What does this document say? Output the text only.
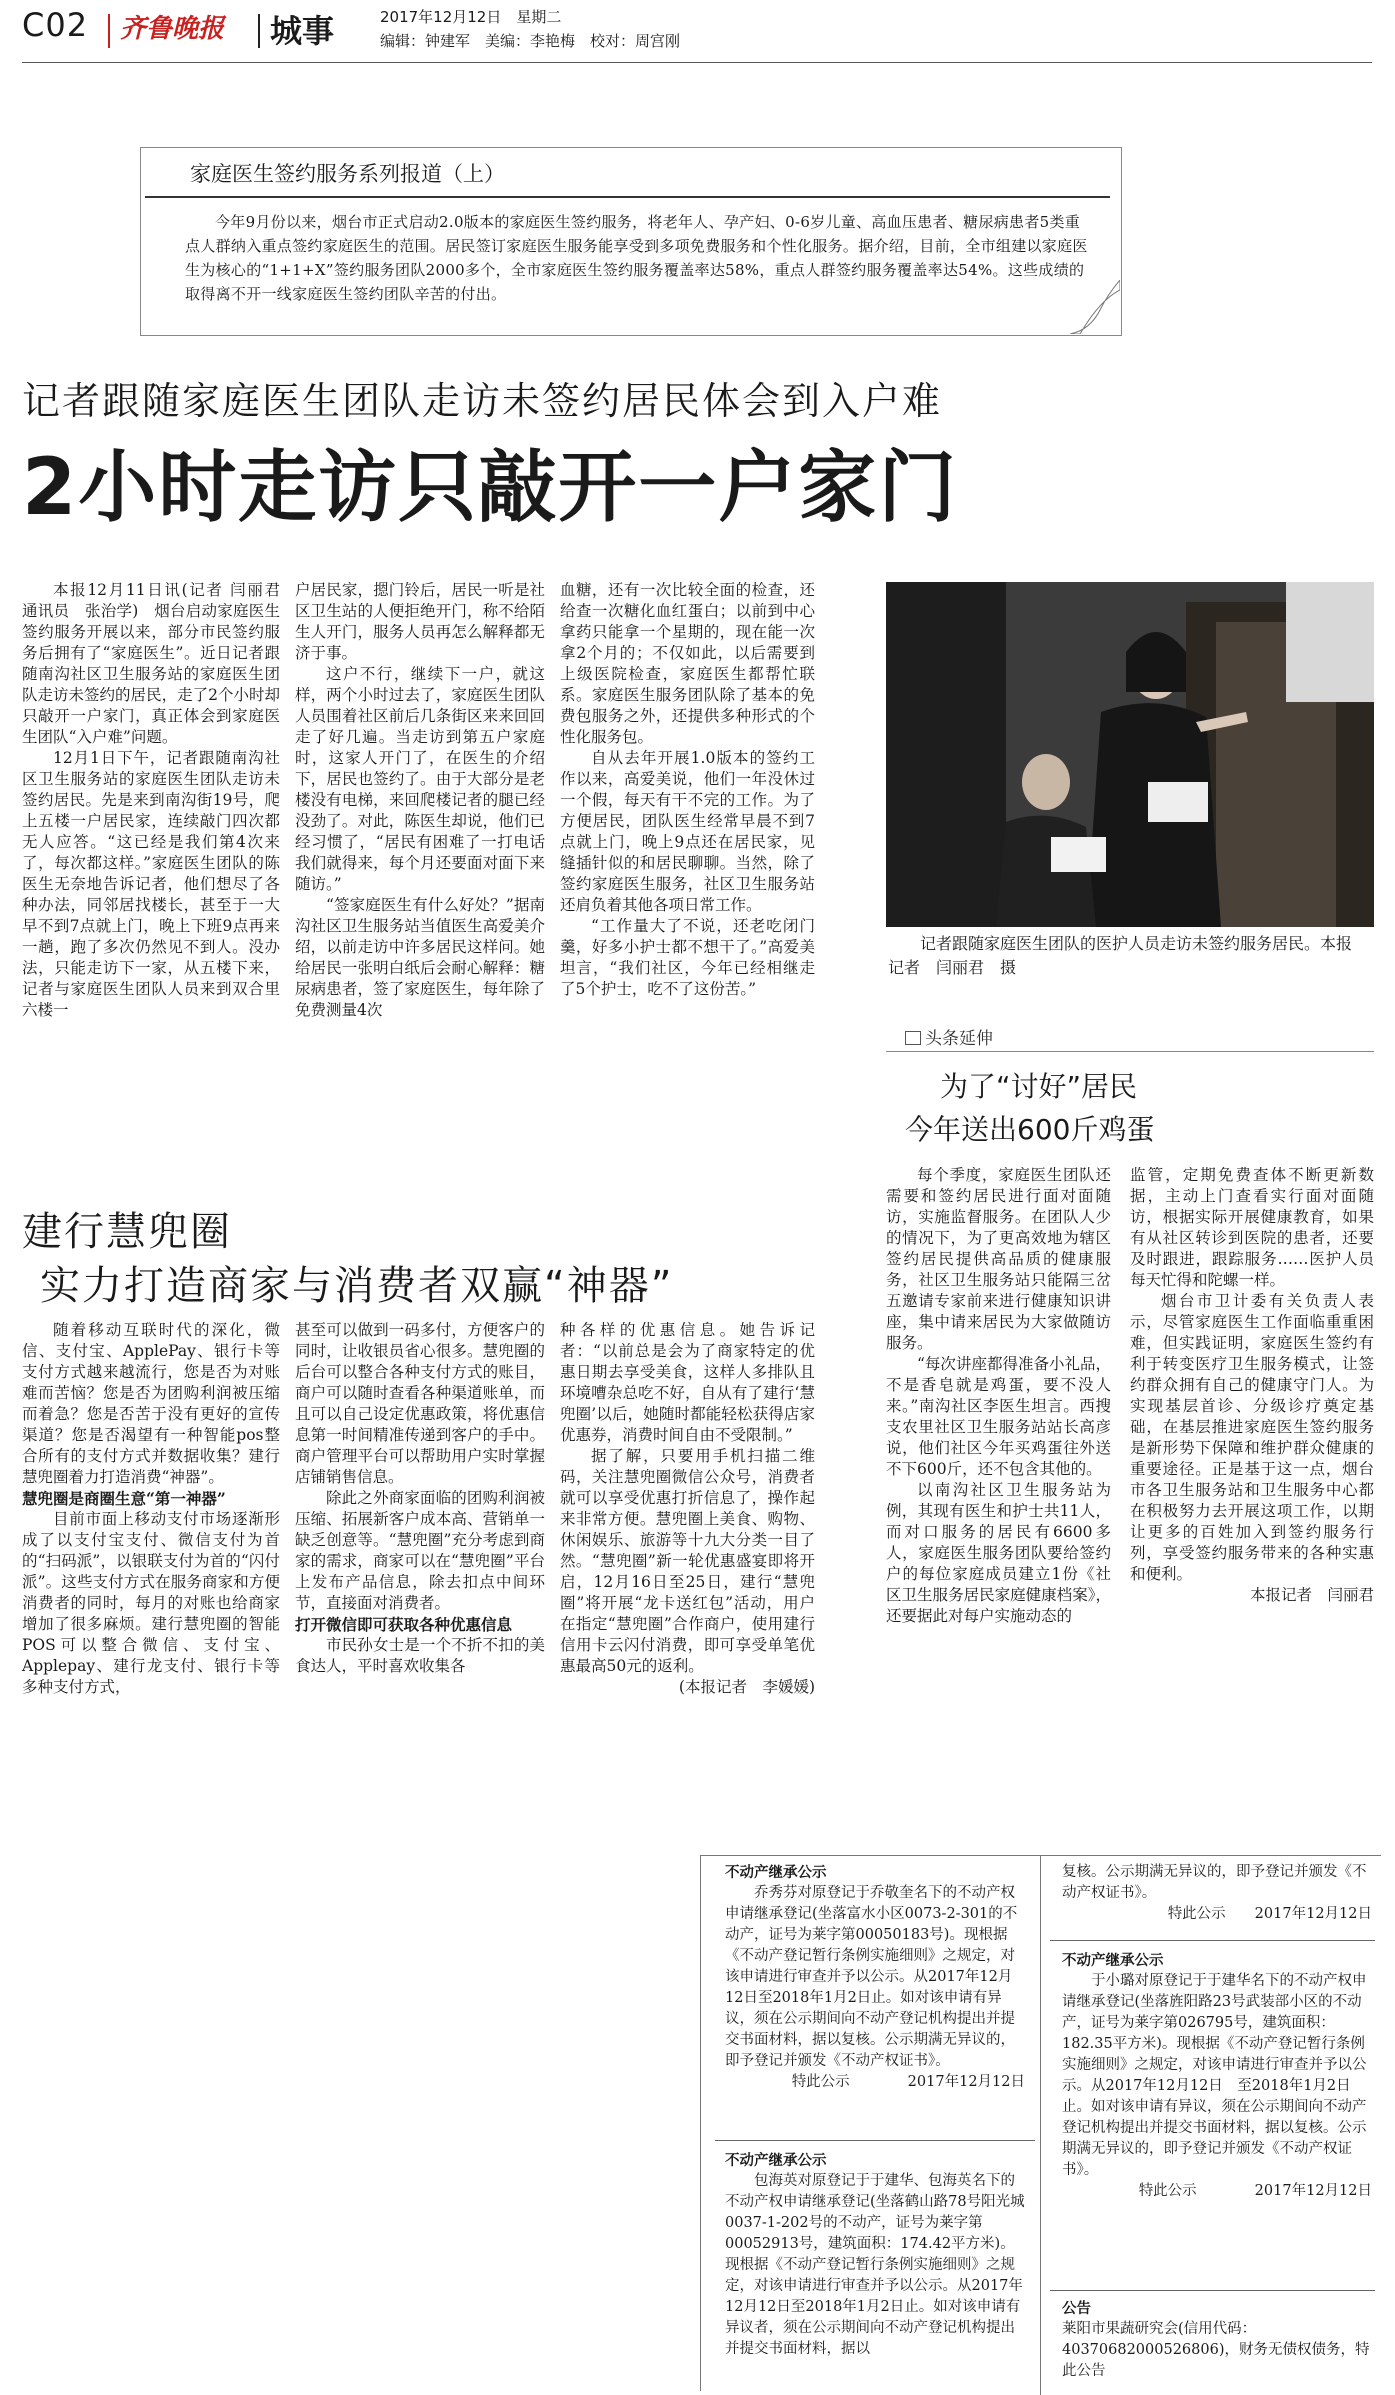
C02 齐鲁晚报 城事	2017年12月12日　星期二
编辑：钟建军　美编：李艳梅　校对：周宫刚
家庭医生签约服务系列报道（上）
今年9月份以来，烟台市正式启动2.0版本的家庭医生签约服务，将老年人、孕产妇、0-6岁儿童、高血压患者、糖尿病患者5类重点人群纳入重点签约家庭医生的范围。居民签订家庭医生服务能享受到多项免费服务和个性化服务。据介绍，目前，全市组建以家庭医生为核心的“1+1+X”签约服务团队2000多个，全市家庭医生签约服务覆盖率达58%，重点人群签约服务覆盖率达54%。这些成绩的取得离不开一线家庭医生签约团队辛苦的付出。
记者跟随家庭医生团队走访未签约居民体会到入户难
2小时走访只敲开一户家门

本报12月11日讯(记者 闫丽君　通讯员　张治学)　烟台启动家庭医生签约服务开展以来，部分市民签约服务后拥有了“家庭医生”。近日记者跟随南沟社区卫生服务站的家庭医生团队走访未签约的居民，走了2个小时却只敲开一户家门，真正体会到家庭医生团队“入户难”问题。

12月1日下午，记者跟随南沟社区卫生服务站的家庭医生团队走访未签约居民。先是来到南沟街19号，爬上五楼一户居民家，连续敲门四次都无人应答。“这已经是我们第4次来了，每次都这样。”家庭医生团队的陈医生无奈地告诉记者，他们想尽了各种办法，同邻居找楼长，甚至于一大早不到7点就上门，晚上下班9点再来一趟，跑了多次仍然见不到人。没办法，只能走访下一家，从五楼下来，记者与家庭医生团队人员来到双合里六楼一

户居民家，摁门铃后，居民一听是社区卫生站的人便拒绝开门，称不给陌生人开门，服务人员再怎么解释都无济于事。

这户不行，继续下一户，就这样，两个小时过去了，家庭医生团队人员围着社区前后几条街区来来回回走了好几遍。当走访到第五户家庭时，这家人开门了，在医生的介绍下，居民也签约了。由于大部分是老楼没有电梯，来回爬楼记者的腿已经没劲了。对此，陈医生却说，他们已经习惯了，“居民有困难了一打电话我们就得来，每个月还要面对面下来随访。”

“签家庭医生有什么好处？”据南沟社区卫生服务站当值医生高爱美介绍，以前走访中许多居民这样问。她给居民一张明白纸后会耐心解释：糖尿病患者，签了家庭医生，每年除了免费测量4次

血糖，还有一次比较全面的检查，还给查一次糖化血红蛋白；以前到中心拿药只能拿一个星期的，现在能一次拿2个月的；不仅如此，以后需要到上级医院检查，家庭医生都帮忙联系。家庭医生服务团队除了基本的免费包服务之外，还提供多种形式的个性化服务包。

自从去年开展1.0版本的签约工作以来，高爱美说，他们一年没休过一个假，每天有干不完的工作。为了方便居民，团队医生经常早晨不到7点就上门，晚上9点还在居民家，见缝插针似的和居民聊聊。当然，除了签约家庭医生服务，社区卫生服务站还肩负着其他各项日常工作。

“工作量大了不说，还老吃闭门羹，好多小护士都不想干了。”高爱美坦言，“我们社区，今年已经相继走了5个护士，吃不了这份苦。”

记者跟随家庭医生团队的医护人员走访未签约服务居民。本报记者　闫丽君　摄
头条延伸
为了“讨好”居民
今年送出600斤鸡蛋

每个季度，家庭医生团队还需要和签约居民进行面对面随访，实施监督服务。在团队人少的情况下，为了更高效地为辖区签约居民提供高品质的健康服务，社区卫生服务站只能隔三岔五邀请专家前来进行健康知识讲座，集中请来居民为大家做随访服务。

“每次讲座都得准备小礼品，不是香皂就是鸡蛋，要不没人来。”南沟社区李医生坦言。西搜支农里社区卫生服务站站长高彦说，他们社区今年买鸡蛋往外送不下600斤，还不包含其他的。

以南沟社区卫生服务站为例，其现有医生和护士共11人，而对口服务的居民有6600多人，家庭医生服务团队要给签约户的每位家庭成员建立1份《社区卫生服务居民家庭健康档案》，还要据此对每户实施动态的

监管，定期免费查体不断更新数据，主动上门查看实行面对面随访，根据实际开展健康教育，如果有从社区转诊到医院的患者，还要及时跟进，跟踪服务……医护人员每天忙得和陀螺一样。

烟台市卫计委有关负责人表示，尽管家庭医生工作面临重重困难，但实践证明，家庭医生签约有利于转变医疗卫生服务模式，让签约群众拥有自己的健康守门人。为实现基层首诊、分级诊疗奠定基础，在基层推进家庭医生签约服务是新形势下保障和维护群众健康的重要途径。正是基于这一点，烟台市各卫生服务站和卫生服务中心都在积极努力去开展这项工作，以期让更多的百姓加入到签约服务行列，享受签约服务带来的各种实惠和便利。

本报记者　闫丽君

建行慧兜圈
实力打造商家与消费者双赢“神器”

随着移动互联时代的深化，微信、支付宝、ApplePay、银行卡等支付方式越来越流行，您是否为对账难而苦恼？您是否为团购利润被压缩而着急？您是否苦于没有更好的宣传渠道？您是否渴望有一种智能pos整合所有的支付方式并数据收集？建行慧兜圈着力打造消费“神器”。

慧兜圈是商圈生意“第一神器”

目前市面上移动支付市场逐渐形成了以支付宝支付、微信支付为首的“扫码派”，以银联支付为首的“闪付派”。这些支付方式在服务商家和方便消费者的同时，每月的对账也给商家增加了很多麻烦。建行慧兜圈的智能POS可以整合微信、支付宝、Applepay、建行龙支付、银行卡等多种支付方式，

甚至可以做到一码多付，方便客户的同时，让收银员省心很多。慧兜圈的后台可以整合各种支付方式的账目，商户可以随时查看各种渠道账单，而且可以自己设定优惠政策，将优惠信息第一时间精准传递到客户的手中。商户管理平台可以帮助用户实时掌握店铺销售信息。

除此之外商家面临的团购利润被压缩、拓展新客户成本高、营销单一缺乏创意等。“慧兜圈”充分考虑到商家的需求，商家可以在“慧兜圈”平台上发布产品信息，除去扣点中间环节，直接面对消费者。

打开微信即可获取各种优惠信息

市民孙女士是一个不折不扣的美食达人，平时喜欢收集各

种各样的优惠信息。她告诉记者：“以前总是会为了商家特定的优惠日期去享受美食，这样人多排队且环境嘈杂总吃不好，自从有了建行‘慧兜圈’以后，她随时都能轻松获得店家优惠券，消费时间自由不受限制。”

据了解，只要用手机扫描二维码，关注慧兜圈微信公众号，消费者就可以享受优惠打折信息了，操作起来非常方便。慧兜圈上美食、购物、休闲娱乐、旅游等十九大分类一目了然。“慧兜圈”新一轮优惠盛宴即将开启，12月16日至25日，建行“慧兜圈”将开展“龙卡送红包”活动，用户在指定“慧兜圈”合作商户，使用建行信用卡云闪付消费，即可享受单笔优惠最高50元的返利。

(本报记者　李媛媛)

不动产继承公示

乔秀芬对原登记于乔敬奎名下的不动产权申请继承登记(坐落富水小区0073-2-301的不动产，证号为莱字第00050183号)。现根据《不动产登记暂行条例实施细则》之规定，对该申请进行审查并予以公示。从2017年12月12日至2018年1月2日止。如对该申请有异议，须在公示期间向不动产登记机构提出并提交书面材料，据以复核。公示期满无异议的，即予登记并颁发《不动产权证书》。

特此公示　　　　2017年12月12日
不动产继承公示

包海英对原登记于于建华、包海英名下的不动产权申请继承登记(坐落鹤山路78号阳光城0037-1-202号的不动产，证号为莱字第00052913号，建筑面积：174.42平方米)。现根据《不动产登记暂行条例实施细则》之规定，对该申请进行审查并予以公示。从2017年12月12日至2018年1月2日止。如对该申请有异议者，须在公示期间向不动产登记机构提出并提交书面材料，据以

复核。公示期满无异议的，即予登记并颁发《不动产权证书》。
特此公示　　2017年12月12日
不动产继承公示

于小璐对原登记于于建华名下的不动产权申请继承登记(坐落旌阳路23号武装部小区的不动产，证号为莱字第026795号，建筑面积：182.35平方米)。现根据《不动产登记暂行条例实施细则》之规定，对该申请进行审查并予以公示。从2017年12月12日　至2018年1月2日止。如对该申请有异议，须在公示期间向不动产登记机构提出并提交书面材料，据以复核。公示期满无异议的，即予登记并颁发《不动产权证书》。

特此公示　　　　2017年12月12日
公告
莱阳市果蔬研究会(信用代码：403706820005268​06)，财务无债权债务，特此公告
